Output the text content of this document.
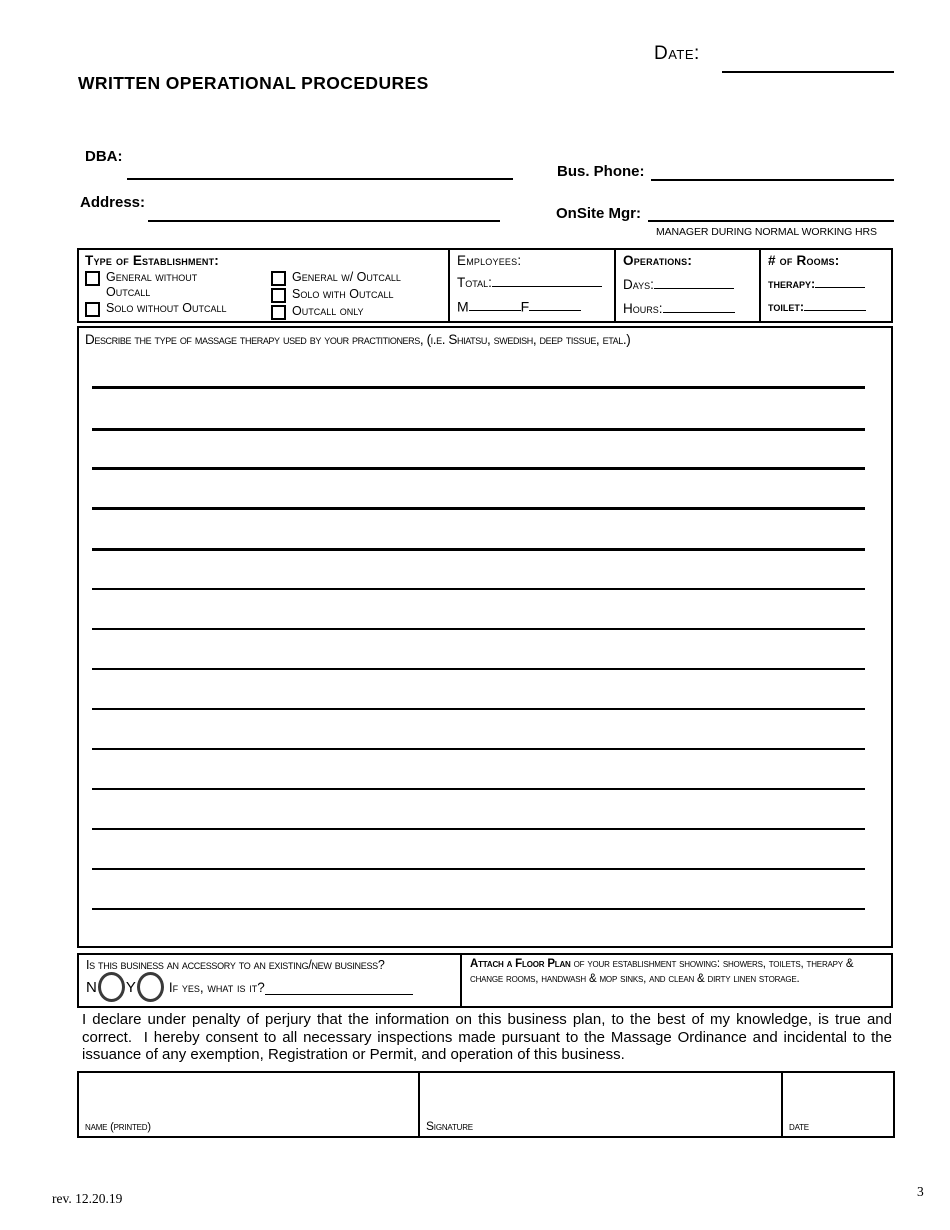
Date:
WRITTEN OPERATIONAL PROCEDURES
DBA:
Bus. Phone:
Address:
OnSite Mgr:
MANAGER DURING NORMAL WORKING HRS
Type of Establishment:
General without Outcall
Solo without Outcall
General w/ Outcall
Solo with Outcall
Outcall only
Employees:
Total:
M	F
Operations:
Days:
Hours:
# of Rooms:
therapy:
toilet:
Describe the type of massage therapy used by your practitioners, (i.e. Shiatsu, swedish, deep tissue, etal.)
Is this business an accessory to an existing/new business?
N Y If yes, what is it?
Attach a Floor Plan of your establishment showing: showers, toilets, therapy & change rooms, handwash & mop sinks, and clean & dirty linen storage.
I declare under penalty of perjury that the information on this business plan, to the best of my knowledge, is true and correct.  I hereby consent to all necessary inspections made pursuant to the Massage Ordinance and incidental to the issuance of any exemption, Registration or Permit, and operation of this business.
name (printed)	Signature	date
rev. 12.20.19	3
